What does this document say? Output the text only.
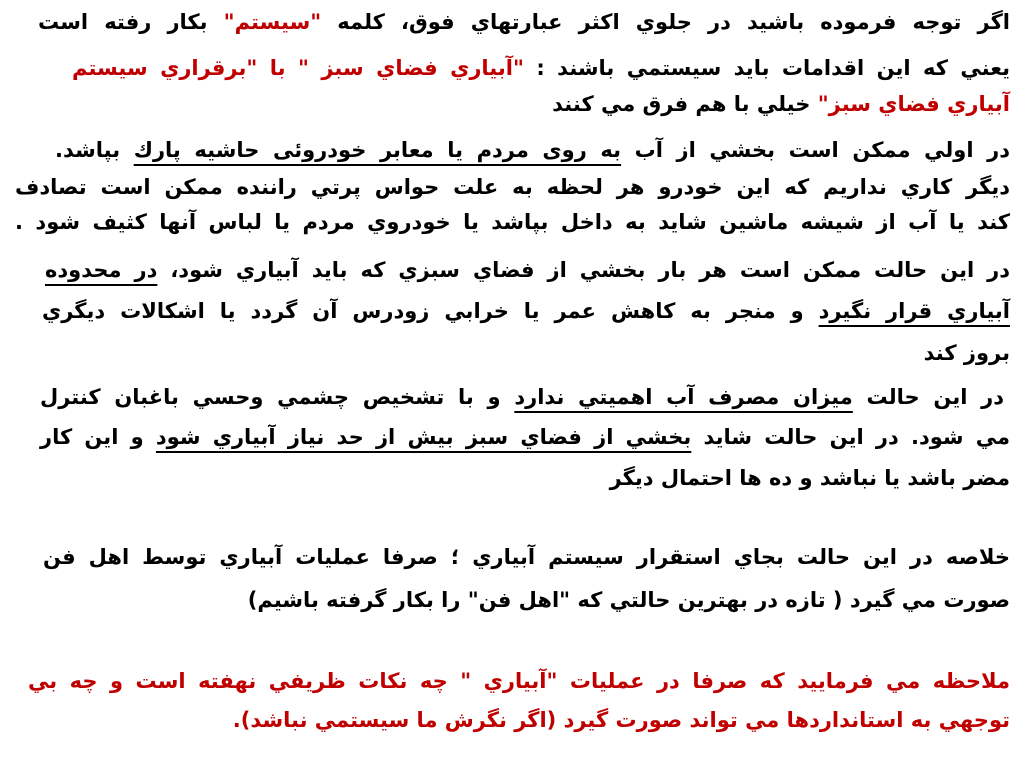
اگر توجه فرموده باشيد در جلوي اكثر عبارتهاي فوق، كلمه "سيستم" بكار رفته است
يعني كه اين اقدامات بايد سيستمي باشند : "آبياري فضاي سبز " با "برقراري سيستم
آبياري فضاي سبز" خيلي با هم فرق مي كنند
در اولي ممكن است بخشي از آب به روی مردم يا معابر خودروئی حاشيه پارك بپاشد.
ديگر كاري نداريم كه اين خودرو هر لحظه به علت حواس پرتي راننده ممكن است تصادف
كند يا آب از شيشه ماشين شايد به داخل بپاشد يا خودروي مردم يا لباس آنها كثيف شود .
در اين حالت ممكن است هر بار بخشي از فضاي سبزي كه بايد آبياري شود، در محدوده
آبياري قرار نگيرد و منجر به كاهش عمر يا خرابي زودرس آن گردد يا اشكالات ديگري
بروز كند
در اين حالت ميزان مصرف آب اهميتي ندارد و با تشخيص چشمي وحسي باغبان كنترل
مي شود. در اين حالت شايد بخشي از فضاي سبز بيش از حد نياز آبياري شود و اين كار
مضر باشد يا نباشد و ده ها احتمال ديگر
خلاصه در اين حالت بجاي استقرار سيستم آبياري ؛ صرفا عمليات آبياري توسط اهل فن
صورت مي گيرد ( تازه در بهترين حالتي كه "اهل فن" را بكار گرفته باشيم)
ملاحظه مي فرماييد كه صرفا در عمليات "آبياري " چه نكات ظريفي نهفته است و چه بي
توجهي به استانداردها مي تواند صورت گيرد (اگر نگرش ما سيستمي نباشد).
